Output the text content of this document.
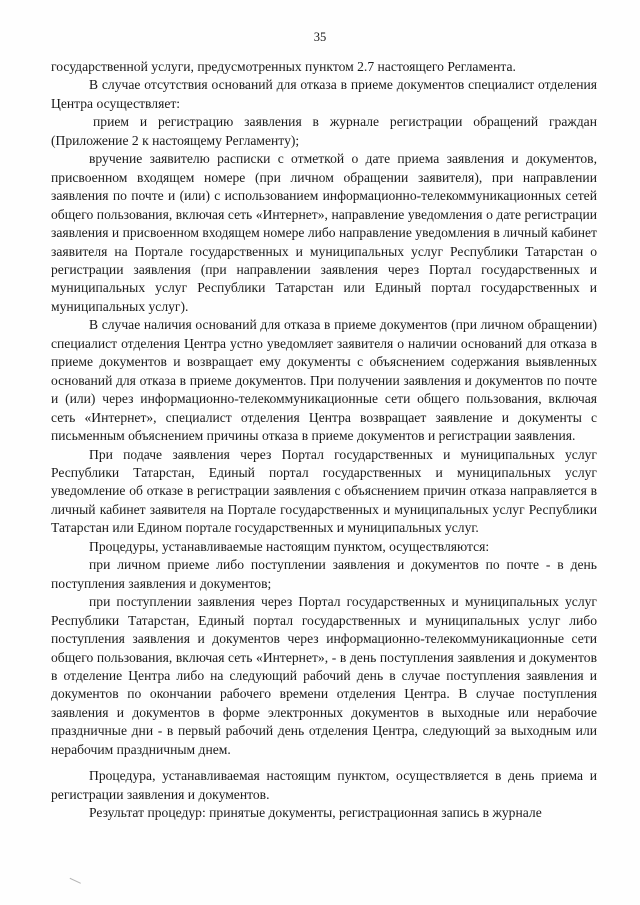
35

государственной услуги, предусмотренных пунктом 2.7 настоящего Регламента.

В случае отсутствия оснований для отказа в приеме документов специалист отделения Центра осуществляет:

прием и регистрацию заявления в журнале регистрации обращений граждан (Приложение 2 к настоящему Регламенту);

вручение заявителю расписки с отметкой о дате приема заявления и документов, присвоенном входящем номере (при личном обращении заявителя), при направлении заявления по почте и (или) с использованием информационно-телекоммуникационных сетей общего пользования, включая сеть «Интернет», направление уведомления о дате регистрации заявления и присвоенном входящем номере либо направление уведомления в личный кабинет заявителя на Портале государственных и муниципальных услуг Республики Татарстан о регистрации заявления (при направлении заявления через Портал государственных и муниципальных услуг Республики Татарстан или Единый портал государственных и муниципальных услуг).

В случае наличия оснований для отказа в приеме документов (при личном обращении) специалист отделения Центра устно уведомляет заявителя о наличии оснований для отказа в приеме документов и возвращает ему документы с объяснением содержания выявленных оснований для отказа в приеме документов. При получении заявления и документов по почте и (или) через информационно-телекоммуникационные сети общего пользования, включая сеть «Интернет», специалист отделения Центра возвращает заявление и документы с письменным объяснением причины отказа в приеме документов и регистрации заявления.

При подаче заявления через Портал государственных и муниципальных услуг Республики Татарстан, Единый портал государственных и муниципальных услуг уведомление об отказе в регистрации заявления с объяснением причин отказа направляется в личный кабинет заявителя на Портале государственных и муниципальных услуг Республики Татарстан или Едином портале государственных и муниципальных услуг.

Процедуры, устанавливаемые настоящим пунктом, осуществляются:

при личном приеме либо поступлении заявления и документов по почте - в день поступления заявления и документов;

при поступлении заявления через Портал государственных и муниципальных услуг Республики Татарстан, Единый портал государственных и муниципальных услуг либо поступления заявления и документов через информационно-телекоммуникационные сети общего пользования, включая сеть «Интернет», - в день поступления заявления и документов в отделение Центра либо на следующий рабочий день в случае поступления заявления и документов по окончании рабочего времени отделения Центра. В случае поступления заявления и документов в форме электронных документов в выходные или нерабочие праздничные дни - в первый рабочий день отделения Центра, следующий за выходным или нерабочим праздничным днем.

Процедура, устанавливаемая настоящим пунктом, осуществляется в день приема и регистрации заявления и документов.

Результат процедур: принятые документы, регистрационная запись в журнале
